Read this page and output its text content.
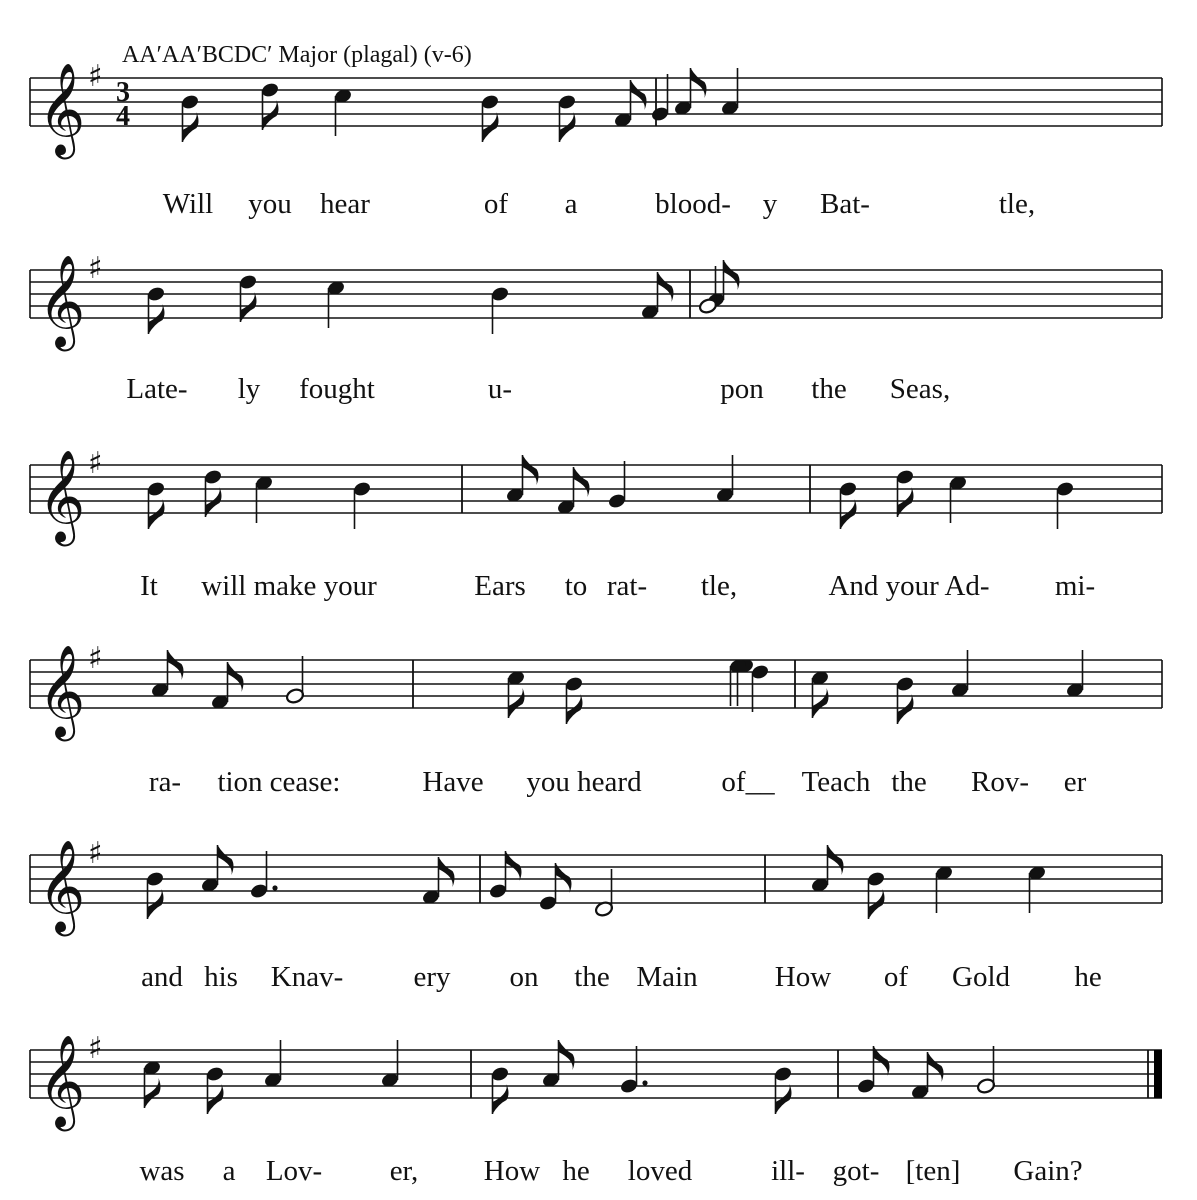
AA′AA′BCDC′ Major (plagal) (v-6)
𝄞 ♯ 3
4
Will you hear	of a	blood- y Bat-	tle,
𝄞 ♯
Late- ly fought	u-	pon the Seas,
𝄞 ♯
It will make your	Ears to rat- tle,	And your Ad- mi-
𝄞 ♯
ra- tion cease:	Have you heard	of__ Teach the Rov- er
𝄞 ♯
and his Knav- ery on the Main	How of Gold he
𝄞 ♯
was a Lov- er, How he loved	ill- got- [ten] Gain?
